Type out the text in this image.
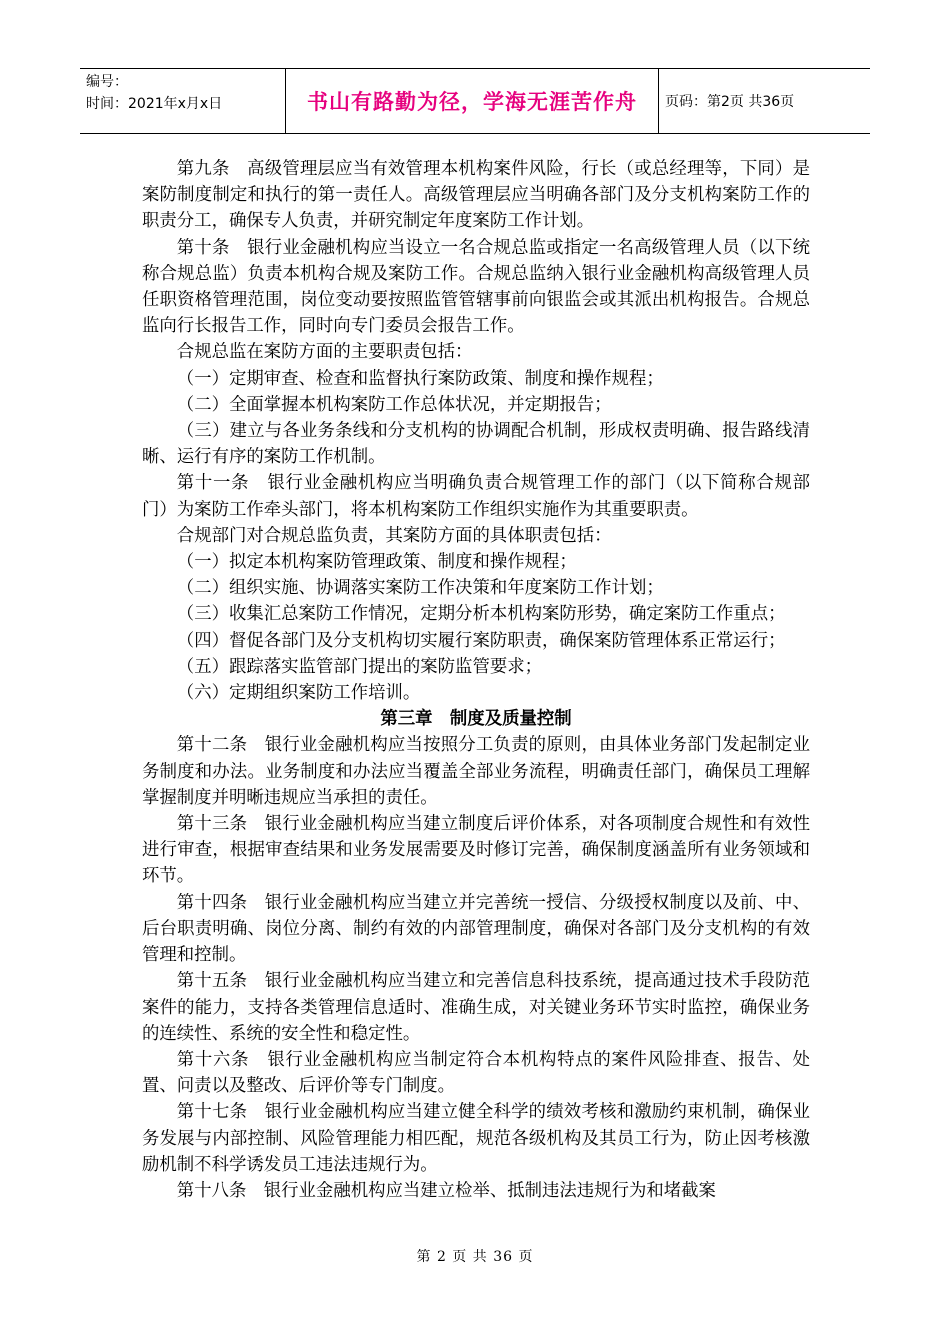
编号：
时间：2021年x月x日	书山有路勤为径，学海无涯苦作舟 页码：第2页 共36页

第九条　高级管理层应当有效管理本机构案件风险，行长（或总经理等，下同）是案防制度制定和执行的第一责任人。高级管理层应当明确各部门及分支机构案防工作的职责分工，确保专人负责，并研究制定年度案防工作计划。

第十条　银行业金融机构应当设立一名合规总监或指定一名高级管理人员（以下统称合规总监）负责本机构合规及案防工作。合规总监纳入银行业金融机构高级管理人员任职资格管理范围，岗位变动要按照监管管辖事前向银监会或其派出机构报告。合规总监向行长报告工作，同时向专门委员会报告工作。

合规总监在案防方面的主要职责包括：

（一）定期审查、检查和监督执行案防政策、制度和操作规程；

（二）全面掌握本机构案防工作总体状况，并定期报告；

（三）建立与各业务条线和分支机构的协调配合机制，形成权责明确、报告路线清晰、运行有序的案防工作机制。

第十一条　银行业金融机构应当明确负责合规管理工作的部门（以下简称合规部门）为案防工作牵头部门，将本机构案防工作组织实施作为其重要职责。

合规部门对合规总监负责，其案防方面的具体职责包括：

（一）拟定本机构案防管理政策、制度和操作规程；

（二）组织实施、协调落实案防工作决策和年度案防工作计划；

（三）收集汇总案防工作情况，定期分析本机构案防形势，确定案防工作重点；

（四）督促各部门及分支机构切实履行案防职责，确保案防管理体系正常运行；

（五）跟踪落实监管部门提出的案防监管要求；

（六）定期组织案防工作培训。

第三章　制度及质量控制

第十二条　银行业金融机构应当按照分工负责的原则，由具体业务部门发起制定业务制度和办法。业务制度和办法应当覆盖全部业务流程，明确责任部门，确保员工理解掌握制度并明晰违规应当承担的责任。

第十三条　银行业金融机构应当建立制度后评价体系，对各项制度合规性和有效性进行审查，根据审查结果和业务发展需要及时修订完善，确保制度涵盖所有业务领域和环节。

第十四条　银行业金融机构应当建立并完善统一授信、分级授权制度以及前、中、后台职责明确、岗位分离、制约有效的内部管理制度，确保对各部门及分支机构的有效管理和控制。

第十五条　银行业金融机构应当建立和完善信息科技系统，提高通过技术手段防范案件的能力，支持各类管理信息适时、准确生成，对关键业务环节实时监控，确保业务的连续性、系统的安全性和稳定性。

第十六条　银行业金融机构应当制定符合本机构特点的案件风险排查、报告、处置、问责以及整改、后评价等专门制度。

第十七条　银行业金融机构应当建立健全科学的绩效考核和激励约束机制，确保业务发展与内部控制、风险管理能力相匹配，规范各级机构及其员工行为，防止因考核激励机制不科学诱发员工违法违规行为。

第十八条　银行业金融机构应当建立检举、抵制违法违规行为和堵截案

第 2 页 共 36 页
